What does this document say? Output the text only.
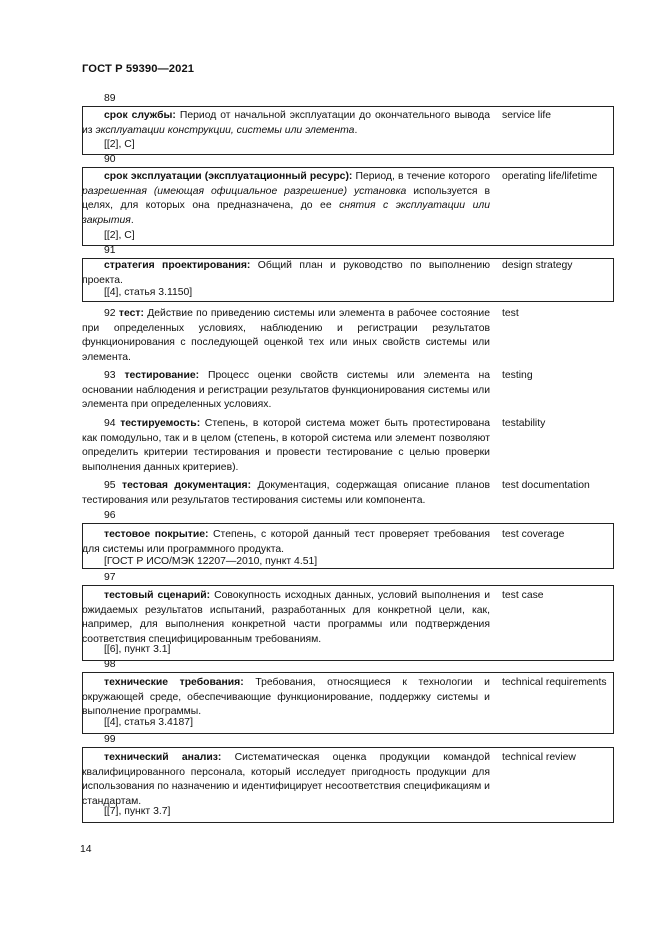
ГОСТ Р 59390—2021
89
срок службы: Период от начальной эксплуатации до окончательного вывода из эксплуатации конструкции, системы или элемента.
service life
[[2], C]
90
срок эксплуатации (эксплуатационный ресурс): Период, в течение которого разрешенная (имеющая официальное разрешение) установка используется в целях, для которых она предназначена, до ее снятия с эксплуатации или закрытия.
operating life/lifetime
[[2], C]
91
стратегия проектирования: Общий план и руководство по выполнению проекта.
design strategy
[[4], статья 3.1150]
92 тест: Действие по приведению системы или элемента в рабочее состояние при определенных условиях, наблюдению и регистрации результатов функционирования с последующей оценкой тех или иных свойств системы или элемента.
test
93 тестирование: Процесс оценки свойств системы или элемента на основании наблюдения и регистрации результатов функционирования системы или элемента при определенных условиях.
testing
94 тестируемость: Степень, в которой система может быть протестирована как помодульно, так и в целом (степень, в которой система или элемент позволяют определить критерии тестирования и провести тестирование с целью проверки выполнения данных критериев).
testability
95 тестовая документация: Документация, содержащая описание планов тестирования или результатов тестирования системы или компонента.
test documentation
96
тестовое покрытие: Степень, с которой данный тест проверяет требования для системы или программного продукта.
test coverage
[ГОСТ Р ИСО/МЭК 12207—2010, пункт 4.51]
97
тестовый сценарий: Совокупность исходных данных, условий выполнения и ожидаемых результатов испытаний, разработанных для конкретной цели, как, например, для выполнения конкретной части программы или подтверждения соответствия специфицированным требованиям.
test case
[[6], пункт 3.1]
98
технические требования: Требования, относящиеся к технологии и окружающей среде, обеспечивающие функционирование, поддержку системы и выполнение программы.
technical requirements
[[4], статья 3.4187]
99
технический анализ: Систематическая оценка продукции командой квалифицированного персонала, который исследует пригодность продукции для использования по назначению и идентифицирует несоответствия спецификациям и стандартам.
technical review
[[7], пункт 3.7]
14
